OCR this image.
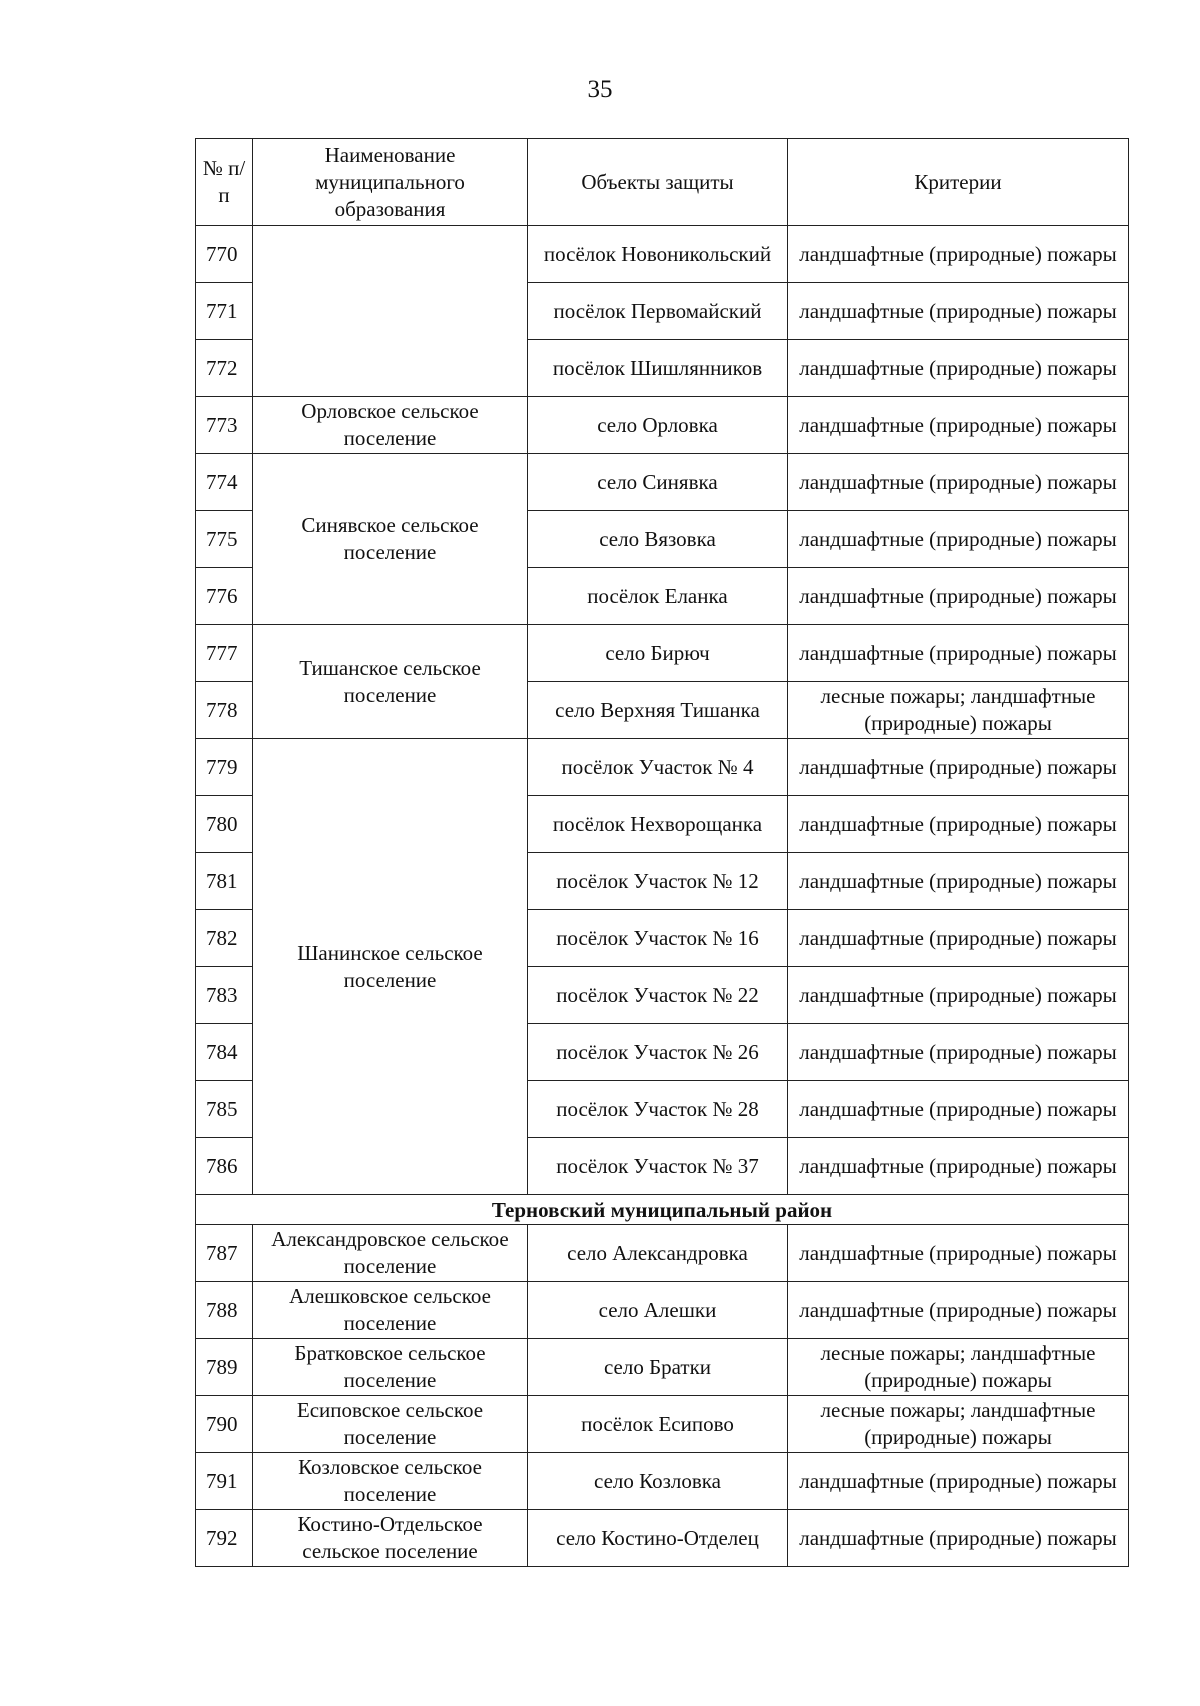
35
№ п/п	Наименование муниципального образования	Объекты защиты	Критерии
770		посёлок Новоникольский	ландшафтные (природные) пожары
771		посёлок Первомайский	ландшафтные (природные) пожары
772		посёлок Шишлянников	ландшафтные (природные) пожары
773	Орловское сельское поселение	село Орловка	ландшафтные (природные) пожары
774	Синявское сельское поселение	село Синявка	ландшафтные (природные) пожары
775		село Вязовка	ландшафтные (природные) пожары
776		посёлок Еланка	ландшафтные (природные) пожары
777	Тишанское сельское поселение	село Бирюч	ландшафтные (природные) пожары
778		село Верхняя Тишанка	лесные пожары; ландшафтные (природные) пожары
779	Шанинское сельское поселение	посёлок Участок № 4	ландшафтные (природные) пожары
780		посёлок Нехворощанка	ландшафтные (природные) пожары
781		посёлок Участок № 12	ландшафтные (природные) пожары
782		посёлок Участок № 16	ландшафтные (природные) пожары
783		посёлок Участок № 22	ландшафтные (природные) пожары
784		посёлок Участок № 26	ландшафтные (природные) пожары
785		посёлок Участок № 28	ландшафтные (природные) пожары
786		посёлок Участок № 37	ландшафтные (природные) пожары
Терновский муниципальный район			
787	Александровское сельское поселение	село Александровка	ландшафтные (природные) пожары
788	Алешковское сельское поселение	село Алешки	ландшафтные (природные) пожары
789	Братковское сельское поселение	село Братки	лесные пожары; ландшафтные (природные) пожары
790	Есиповское сельское поселение	посёлок Есипово	лесные пожары; ландшафтные (природные) пожары
791	Козловское сельское поселение	село Козловка	ландшафтные (природные) пожары
792	Костино-Отдельское сельское поселение	село Костино-Отделец	ландшафтные (природные) пожары
